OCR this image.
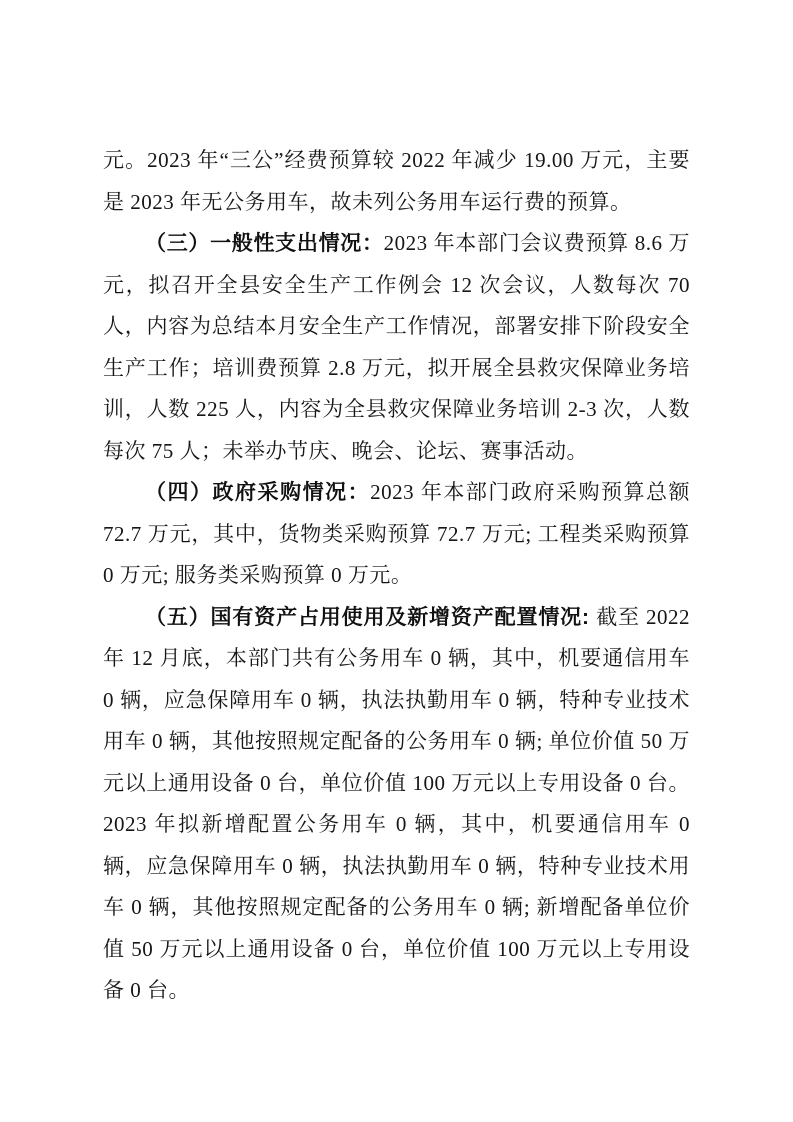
元。2023 年“三公”经费预算较 2022 年减少 19.00 万元，主要是 2023 年无公务用车，故未列公务用车运行费的预算。

（三）一般性支出情况：2023 年本部门会议费预算 8.6 万元，拟召开全县安全生产工作例会 12 次会议，人数每次 70 人，内容为总结本月安全生产工作情况，部署安排下阶段安全生产工作；培训费预算 2.8 万元，拟开展全县救灾保障业务培训，人数 225 人，内容为全县救灾保障业务培训 2-3 次，人数每次 75 人；未举办节庆、晚会、论坛、赛事活动。

（四）政府采购情况：2023 年本部门政府采购预算总额 72.7 万元，其中，货物类采购预算 72.7 万元; 工程类采购预算 0 万元; 服务类采购预算 0 万元。

（五）国有资产占用使用及新增资产配置情况: 截至 2022 年 12 月底，本部门共有公务用车 0 辆，其中，机要通信用车 0 辆，应急保障用车 0 辆，执法执勤用车 0 辆，特种专业技术用车 0 辆，其他按照规定配备的公务用车 0 辆; 单位价值 50 万元以上通用设备 0 台，单位价值 100 万元以上专用设备 0 台。2023 年拟新增配置公务用车 0 辆，其中，机要通信用车 0 辆，应急保障用车 0 辆，执法执勤用车 0 辆，特种专业技术用车 0 辆，其他按照规定配备的公务用车 0 辆; 新增配备单位价值 50 万元以上通用设备 0 台，单位价值 100 万元以上专用设备 0 台。
